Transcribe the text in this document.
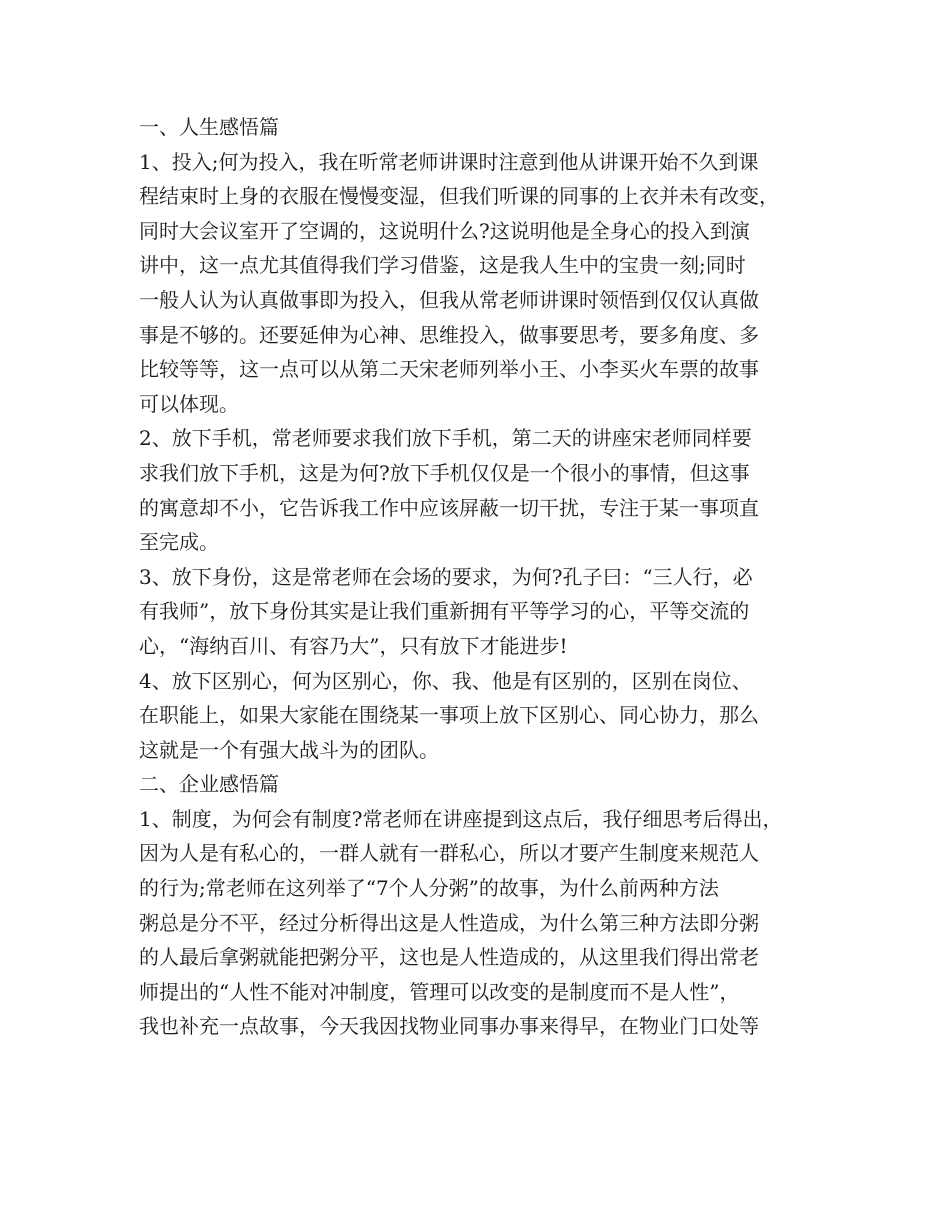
一、人生感悟篇
1、投入;何为投入，我在听常老师讲课时注意到他从讲课开始不久到课
程结束时上身的衣服在慢慢变湿，但我们听课的同事的上衣并未有改变，
同时大会议室开了空调的，这说明什么?这说明他是全身心的投入到演
讲中，这一点尤其值得我们学习借鉴，这是我人生中的宝贵一刻;同时
一般人认为认真做事即为投入，但我从常老师讲课时领悟到仅仅认真做
事是不够的。还要延伸为心神、思维投入，做事要思考，要多角度、多
比较等等，这一点可以从第二天宋老师列举小王、小李买火车票的故事
可以体现。
2、放下手机，常老师要求我们放下手机，第二天的讲座宋老师同样要
求我们放下手机，这是为何?放下手机仅仅是一个很小的事情，但这事
的寓意却不小，它告诉我工作中应该屏蔽一切干扰，专注于某一事项直
至完成。
3、放下身份，这是常老师在会场的要求，为何?孔子曰：“三人行，必
有我师”，放下身份其实是让我们重新拥有平等学习的心，平等交流的
心，“海纳百川、有容乃大”，只有放下才能进步!
4、放下区别心，何为区别心，你、我、他是有区别的，区别在岗位、
在职能上，如果大家能在围绕某一事项上放下区别心、同心协力，那么
这就是一个有强大战斗为的团队。
二、企业感悟篇
1、制度，为何会有制度?常老师在讲座提到这点后，我仔细思考后得出，
因为人是有私心的，一群人就有一群私心，所以才要产生制度来规范人
的行为;常老师在这列举了“7个人分粥”的故事，为什么前两种方法
粥总是分不平，经过分析得出这是人性造成，为什么第三种方法即分粥
的人最后拿粥就能把粥分平，这也是人性造成的，从这里我们得出常老
师提出的“人性不能对冲制度，管理可以改变的是制度而不是人性”，
我也补充一点故事，今天我因找物业同事办事来得早，在物业门口处等
